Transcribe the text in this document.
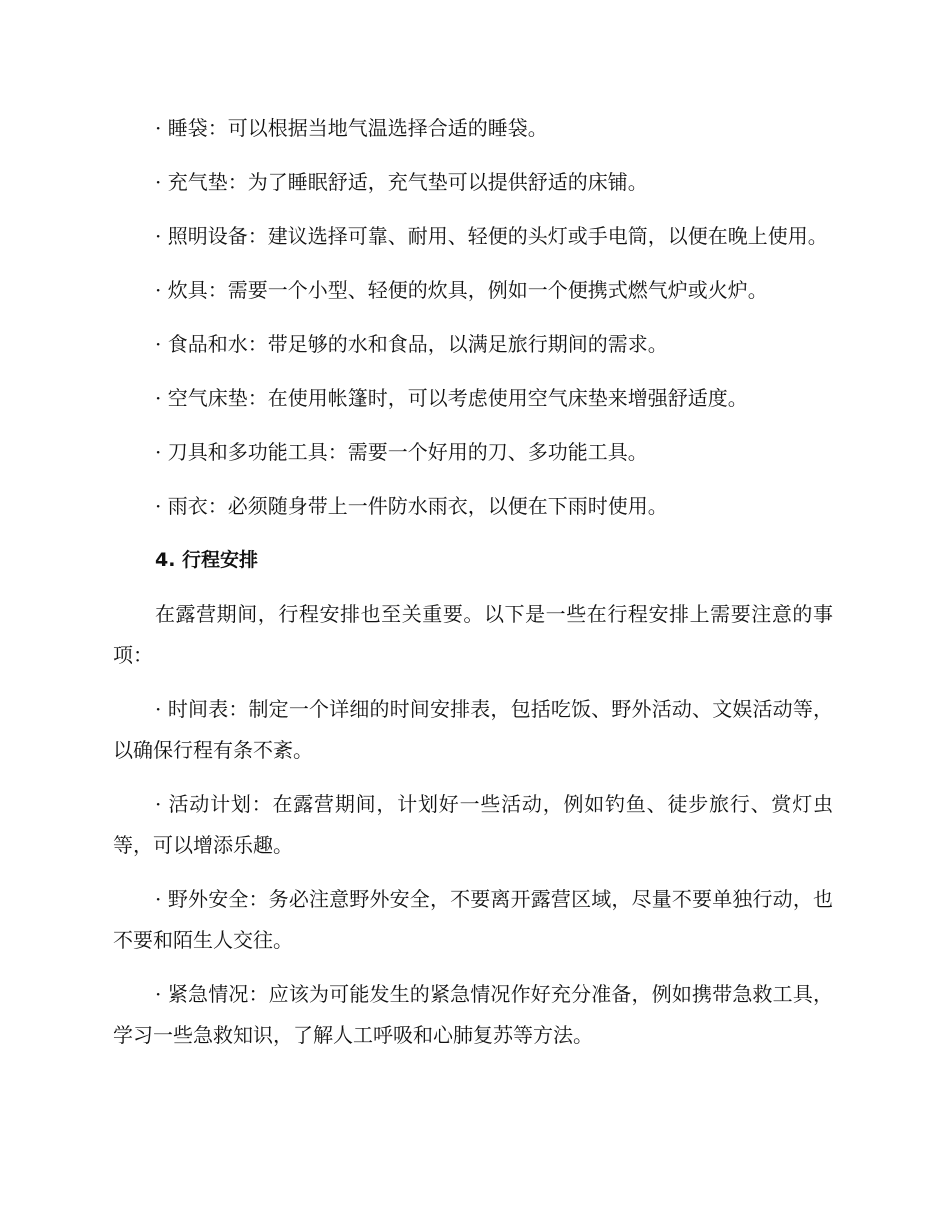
· 睡袋：可以根据当地气温选择合适的睡袋。

· 充气垫：为了睡眠舒适，充气垫可以提供舒适的床铺。

· 照明设备：建议选择可靠、耐用、轻便的头灯或手电筒，以便在晚上使用。

· 炊具：需要一个小型、轻便的炊具，例如一个便携式燃气炉或火炉。

· 食品和水：带足够的水和食品，以满足旅行期间的需求。

· 空气床垫：在使用帐篷时，可以考虑使用空气床垫来增强舒适度。

· 刀具和多功能工具：需要一个好用的刀、多功能工具。

· 雨衣：必须随身带上一件防水雨衣，以便在下雨时使用。

4. 行程安排

在露营期间，行程安排也至关重要。以下是一些在行程安排上需要注意的事项：

· 时间表：制定一个详细的时间安排表，包括吃饭、野外活动、文娱活动等，以确保行程有条不紊。

· 活动计划：在露营期间，计划好一些活动，例如钓鱼、徒步旅行、赏灯虫等，可以增添乐趣。

· 野外安全：务必注意野外安全，不要离开露营区域，尽量不要单独行动，也不要和陌生人交往。

· 紧急情况：应该为可能发生的紧急情况作好充分准备，例如携带急救工具，学习一些急救知识，了解人工呼吸和心肺复苏等方法。
